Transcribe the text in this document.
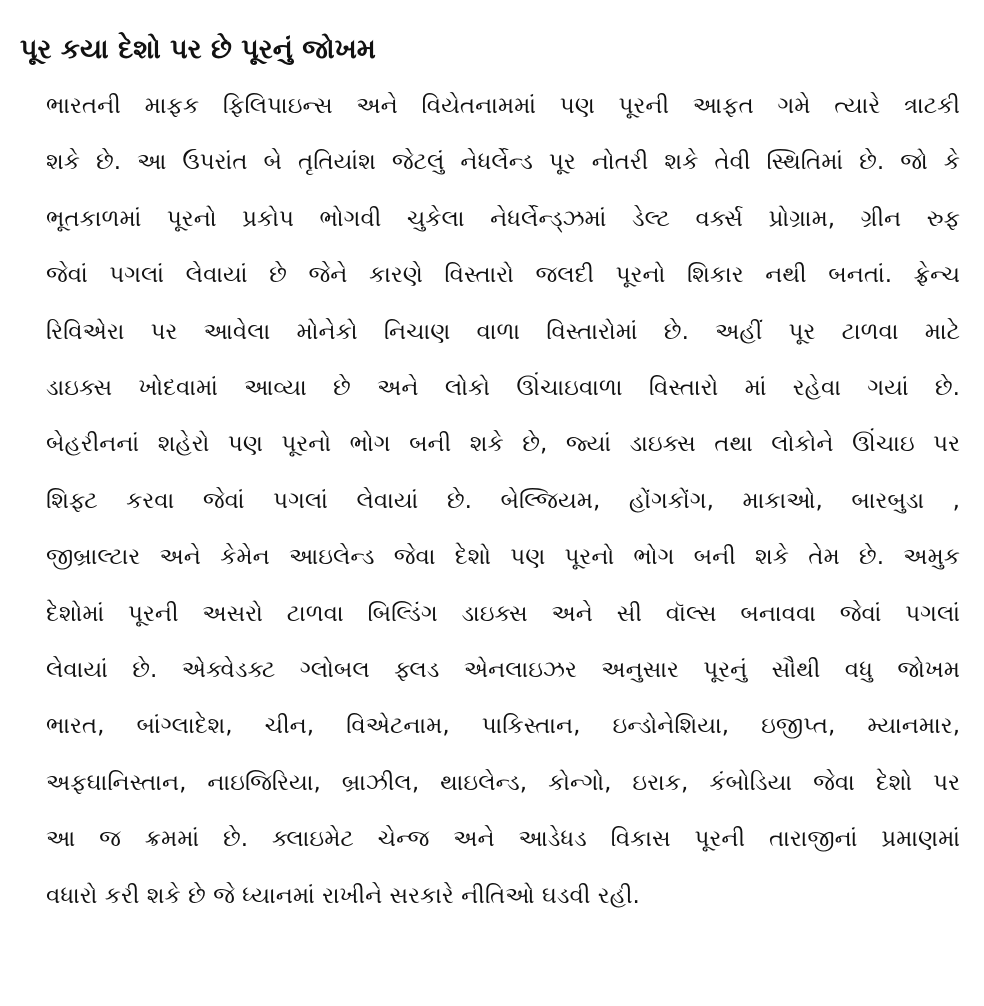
પૂર કયા દેશો પર છે પૂરનું જોખમ
ભારતની માફક ફિલિપાઇન્સ અને વિયેતનામમાં પણ પૂરની આફત ગમે ત્યારે ત્રાટકી
શકે છે. આ ઉપરાંત બે તૃતિયાંશ જેટલું નેધર્લેન્ડ પૂર નોતરી શકે તેવી સ્થિતિમાં છે. જો કે
ભૂતકાળમાં પૂરનો પ્રકોપ ભોગવી ચુકેલા નેધર્લેન્ડ્ઝમાં ડેલ્ટ વર્ક્સ પ્રોગ્રામ, ગ્રીન રુફ
જેવાં પગલાં લેવાયાં છે જેને કારણે વિસ્તારો જલદી પૂરનો શિકાર નથી બનતાં. ફ્રેન્ચ
રિવિએરા પર આવેલા મોનેકો નિચાણ વાળા વિસ્તારોમાં છે. અહીં પૂર ટાળવા માટે
ડાઇક્સ ખોદવામાં આવ્યા છે અને લોકો ઊંચાઇવાળા વિસ્તારો માં રહેવા ગયાં છે.
બેહરીનનાં શહેરો પણ પૂરનો ભોગ બની શકે છે, જ્યાં ડાઇક્સ તથા લોકોને ઊંચાઇ પર
શિફ્ટ કરવા જેવાં પગલાં લેવાયાં છે. બેલ્જિયમ, હોંગકોંગ, માકાઓ, બારબુડા ,
જીબ્રાલ્ટાર અને કેમેન આઇલેન્ડ જેવા દેશો પણ પૂરનો ભોગ બની શકે તેમ છે. અમુક
દેશોમાં પૂરની અસરો ટાળવા બિલ્ડિંગ ડાઇક્સ અને સી વૉલ્સ બનાવવા જેવાં પગલાં
લેવાયાં છે. એક્વેડક્ટ ગ્લોબલ ફ્લડ એનલાઇઝર અનુસાર પૂરનું સૌથી વધુ જોખમ
ભારત, બાંગ્લાદેશ, ચીન, વિએટનામ, પાકિસ્તાન, ઇન્ડોનેશિયા, ઇજીપ્ત, મ્યાનમાર,
અફઘાનિસ્તાન, નાઇજિરિયા, બ્રાઝીલ, થાઇલેન્ડ, કોન્ગો, ઇરાક, કંબોડિયા જેવા દેશો પર
આ જ ક્રમમાં છે. ક્લાઇમેટ ચેન્જ અને આડેધડ વિકાસ પૂરની તારાજીનાં પ્રમાણમાં
વધારો કરી શકે છે જે ધ્યાનમાં રાખીને સરકારે નીતિઓ ઘડવી રહી.
